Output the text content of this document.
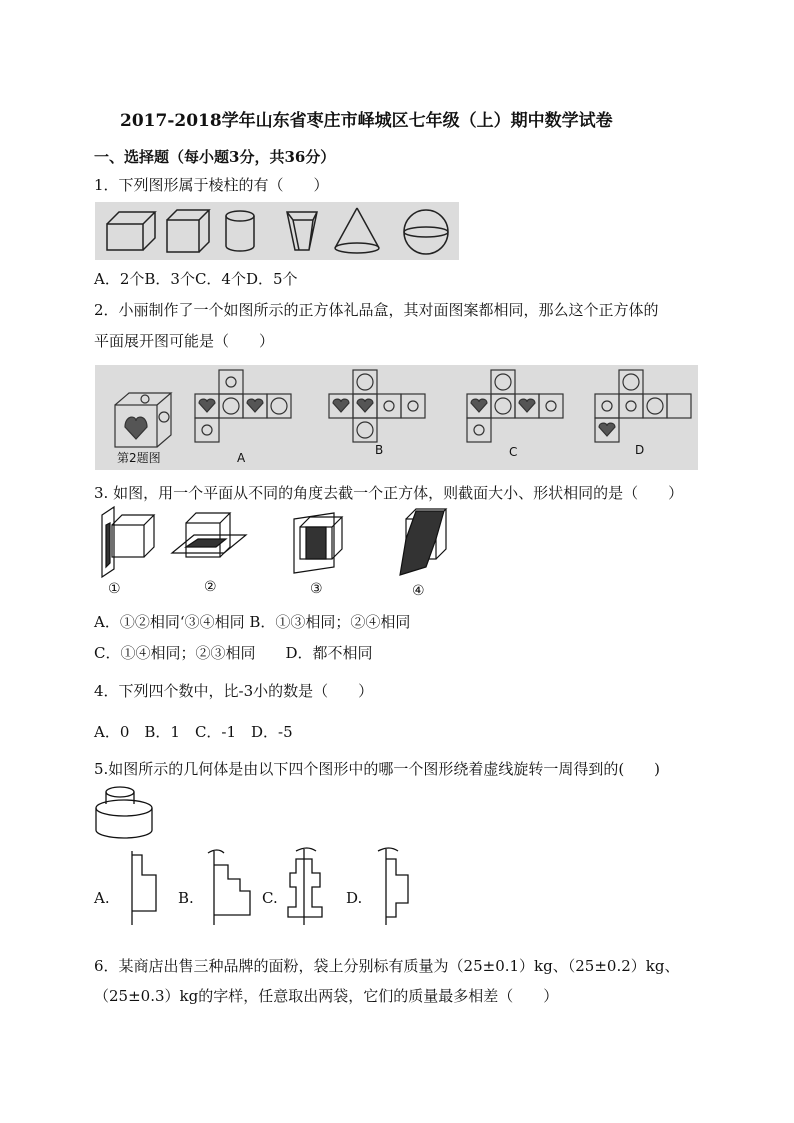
2017-2018学年山东省枣庄市峄城区七年级（上）期中数学试卷
一、选择题（每小题3分，共36分）
1．下列图形属于棱柱的有（　　）
A．2个B．3个C．4个D．5个
2．小丽制作了一个如图所示的正方体礼品盒，其对面图案都相同，那么这个正方体的
平面展开图可能是（　　）
第2题图	A
B	C	D
3. 如图，用一个平面从不同的角度去截一个正方体，则截面大小、形状相同的是（　　）
①	②	③	④
A．①②相同‘③④相同 B．①③相同；②④相同
C．①④相同；②③相同　　D．都不相同
4．下列四个数中，比-3小的数是（　　）
A．0　B．1　C．-1　D．-5
5.如图所示的几何体是由以下四个图形中的哪一个图形绕着虚线旋转一周得到的(　　)
A.	B.	C.	D.
6．某商店出售三种品牌的面粉，袋上分别标有质量为（25±0.1）kg、（25±0.2）kg、
（25±0.3）kg的字样，任意取出两袋，它们的质量最多相差（　　）
